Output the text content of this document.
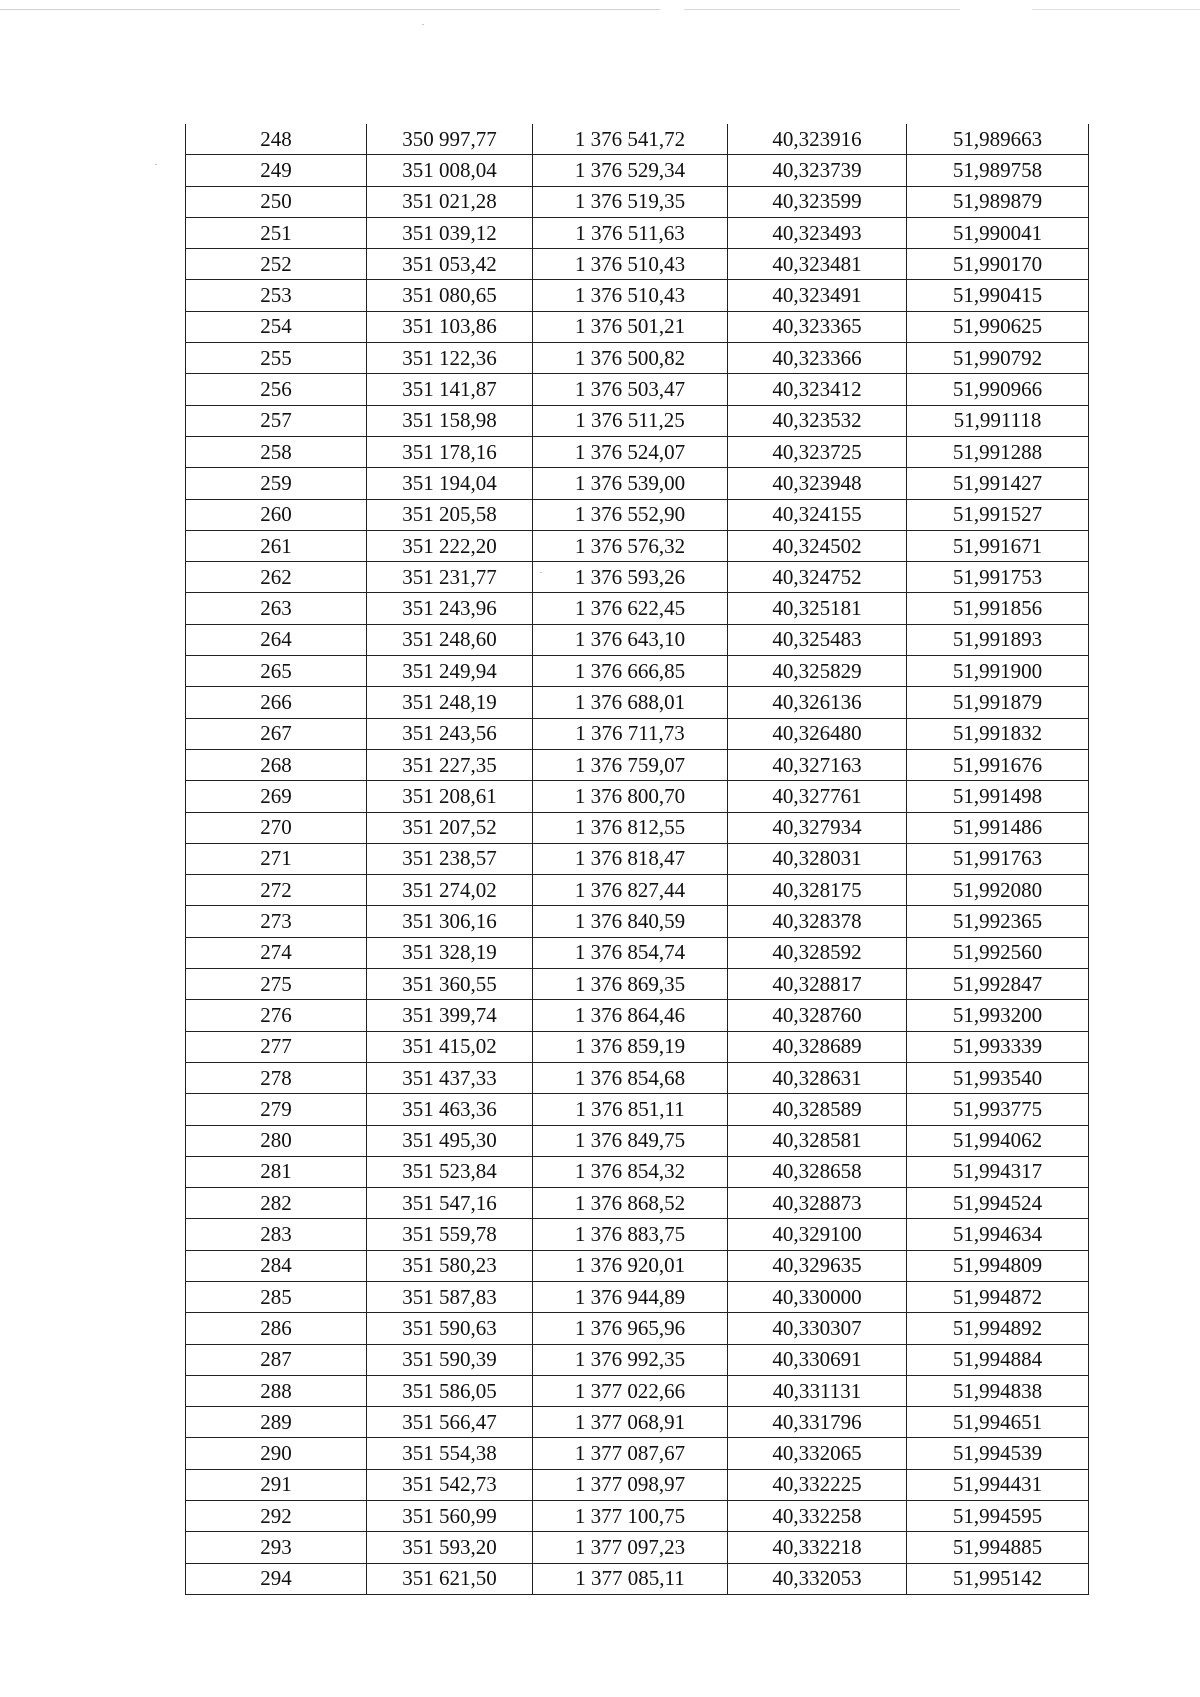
248	350 997,77	1 376 541,72	40,323916	51,989663
249	351 008,04	1 376 529,34	40,323739	51,989758
250	351 021,28	1 376 519,35	40,323599	51,989879
251	351 039,12	1 376 511,63	40,323493	51,990041
252	351 053,42	1 376 510,43	40,323481	51,990170
253	351 080,65	1 376 510,43	40,323491	51,990415
254	351 103,86	1 376 501,21	40,323365	51,990625
255	351 122,36	1 376 500,82	40,323366	51,990792
256	351 141,87	1 376 503,47	40,323412	51,990966
257	351 158,98	1 376 511,25	40,323532	51,991118
258	351 178,16	1 376 524,07	40,323725	51,991288
259	351 194,04	1 376 539,00	40,323948	51,991427
260	351 205,58	1 376 552,90	40,324155	51,991527
261	351 222,20	1 376 576,32	40,324502	51,991671
262	351 231,77	1 376 593,26	40,324752	51,991753
263	351 243,96	1 376 622,45	40,325181	51,991856
264	351 248,60	1 376 643,10	40,325483	51,991893
265	351 249,94	1 376 666,85	40,325829	51,991900
266	351 248,19	1 376 688,01	40,326136	51,991879
267	351 243,56	1 376 711,73	40,326480	51,991832
268	351 227,35	1 376 759,07	40,327163	51,991676
269	351 208,61	1 376 800,70	40,327761	51,991498
270	351 207,52	1 376 812,55	40,327934	51,991486
271	351 238,57	1 376 818,47	40,328031	51,991763
272	351 274,02	1 376 827,44	40,328175	51,992080
273	351 306,16	1 376 840,59	40,328378	51,992365
274	351 328,19	1 376 854,74	40,328592	51,992560
275	351 360,55	1 376 869,35	40,328817	51,992847
276	351 399,74	1 376 864,46	40,328760	51,993200
277	351 415,02	1 376 859,19	40,328689	51,993339
278	351 437,33	1 376 854,68	40,328631	51,993540
279	351 463,36	1 376 851,11	40,328589	51,993775
280	351 495,30	1 376 849,75	40,328581	51,994062
281	351 523,84	1 376 854,32	40,328658	51,994317
282	351 547,16	1 376 868,52	40,328873	51,994524
283	351 559,78	1 376 883,75	40,329100	51,994634
284	351 580,23	1 376 920,01	40,329635	51,994809
285	351 587,83	1 376 944,89	40,330000	51,994872
286	351 590,63	1 376 965,96	40,330307	51,994892
287	351 590,39	1 376 992,35	40,330691	51,994884
288	351 586,05	1 377 022,66	40,331131	51,994838
289	351 566,47	1 377 068,91	40,331796	51,994651
290	351 554,38	1 377 087,67	40,332065	51,994539
291	351 542,73	1 377 098,97	40,332225	51,994431
292	351 560,99	1 377 100,75	40,332258	51,994595
293	351 593,20	1 377 097,23	40,332218	51,994885
294	351 621,50	1 377 085,11	40,332053	51,995142
